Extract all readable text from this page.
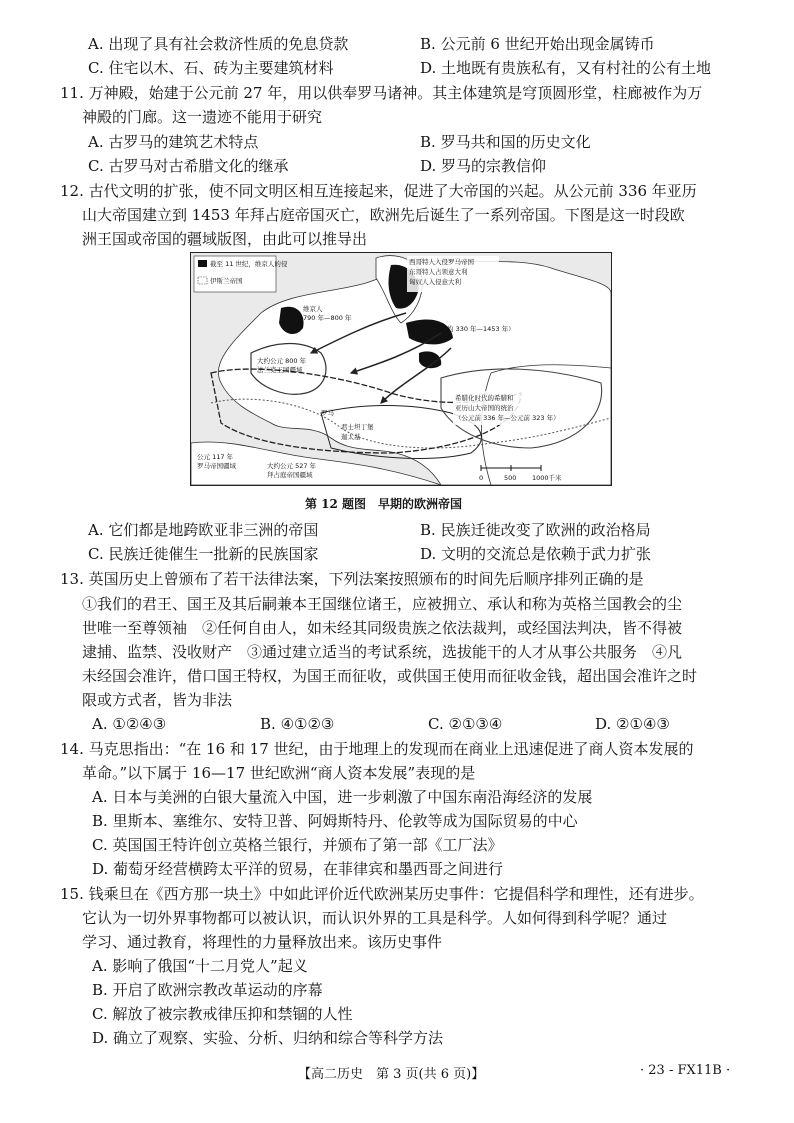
A. 出现了具有社会救济性质的免息贷款	B. 公元前 6 世纪开始出现金属铸币
C. 住宅以木、石、砖为主要建筑材料	D. 土地既有贵族私有，又有村社的公有土地
11. 万神殿，始建于公元前 27 年，用以供奉罗马诸神。其主体建筑是穹顶圆形堂，柱廊被作为万
神殿的门廊。这一遗迹不能用于研究
A. 古罗马的建筑艺术特点	B. 罗马共和国的历史文化
C. 古罗马对古希腊文化的继承	D. 罗马的宗教信仰
12. 古代文明的扩张，使不同文明区相互连接起来，促进了大帝国的兴起。从公元前 336 年亚历
山大帝国建立到 1453 年拜占庭帝国灭亡，欧洲先后诞生了一系列帝国。下图是这一时段欧
洲王国或帝国的疆域版图，由此可以推导出
截至 11 世纪，维京人的侵
伊斯兰帝国
西哥特人入侵罗马帝国
东哥特人占领意大利
匈奴人入侵意大利
维京人
790 年—800 年
拜占庭（约 330 年—1453 年）
大约公元 800 年
法兰克王国疆域
罗马
希腊化时代的希腊和
亚历山大帝国的统治
（公元前 336 年—公元前 323 年）
公元 117 年
罗马帝国疆域	大约公元 527 年
拜占庭帝国疆域
迦太基
君士坦丁堡
0	500 1000千米
第 12 题图　早期的欧洲帝国
A. 它们都是地跨欧亚非三洲的帝国	B. 民族迁徙改变了欧洲的政治格局
C. 民族迁徙催生一批新的民族国家	D. 文明的交流总是依赖于武力扩张
13. 英国历史上曾颁布了若干法律法案，下列法案按照颁布的时间先后顺序排列正确的是
①我们的君王、国王及其后嗣兼本王国继位诸王，应被拥立、承认和称为英格兰国教会的尘
世唯一至尊领袖　②任何自由人，如未经其同级贵族之依法裁判，或经国法判决，皆不得被
逮捕、监禁、没收财产　③通过建立适当的考试系统，选拔能干的人才从事公共服务　④凡
未经国会准许，借口国王特权，为国王而征收，或供国王使用而征收金钱，超出国会准许之时
限或方式者，皆为非法
A. ①②④③	B. ④①②③	C. ②①③④	D. ②①④③
14. 马克思指出：“在 16 和 17 世纪，由于地理上的发现而在商业上迅速促进了商人资本发展的
革命。”以下属于 16—17 世纪欧洲“商人资本发展”表现的是
A. 日本与美洲的白银大量流入中国，进一步刺激了中国东南沿海经济的发展
B. 里斯本、塞维尔、安特卫普、阿姆斯特丹、伦敦等成为国际贸易的中心
C. 英国国王特许创立英格兰银行，并颁布了第一部《工厂法》
D. 葡萄牙经营横跨太平洋的贸易，在菲律宾和墨西哥之间进行
15. 钱乘旦在《西方那一块土》中如此评价近代欧洲某历史事件：它提倡科学和理性，还有进步。
它认为一切外界事物都可以被认识，而认识外界的工具是科学。人如何得到科学呢？通过
学习、通过教育，将理性的力量释放出来。该历史事件
A. 影响了俄国“十二月党人”起义
B. 开启了欧洲宗教改革运动的序幕
C. 解放了被宗教戒律压抑和禁锢的人性
D. 确立了观察、实验、分析、归纳和综合等科学方法
【高二历史　第 3 页(共 6 页)】	· 23 - FX11B ·
